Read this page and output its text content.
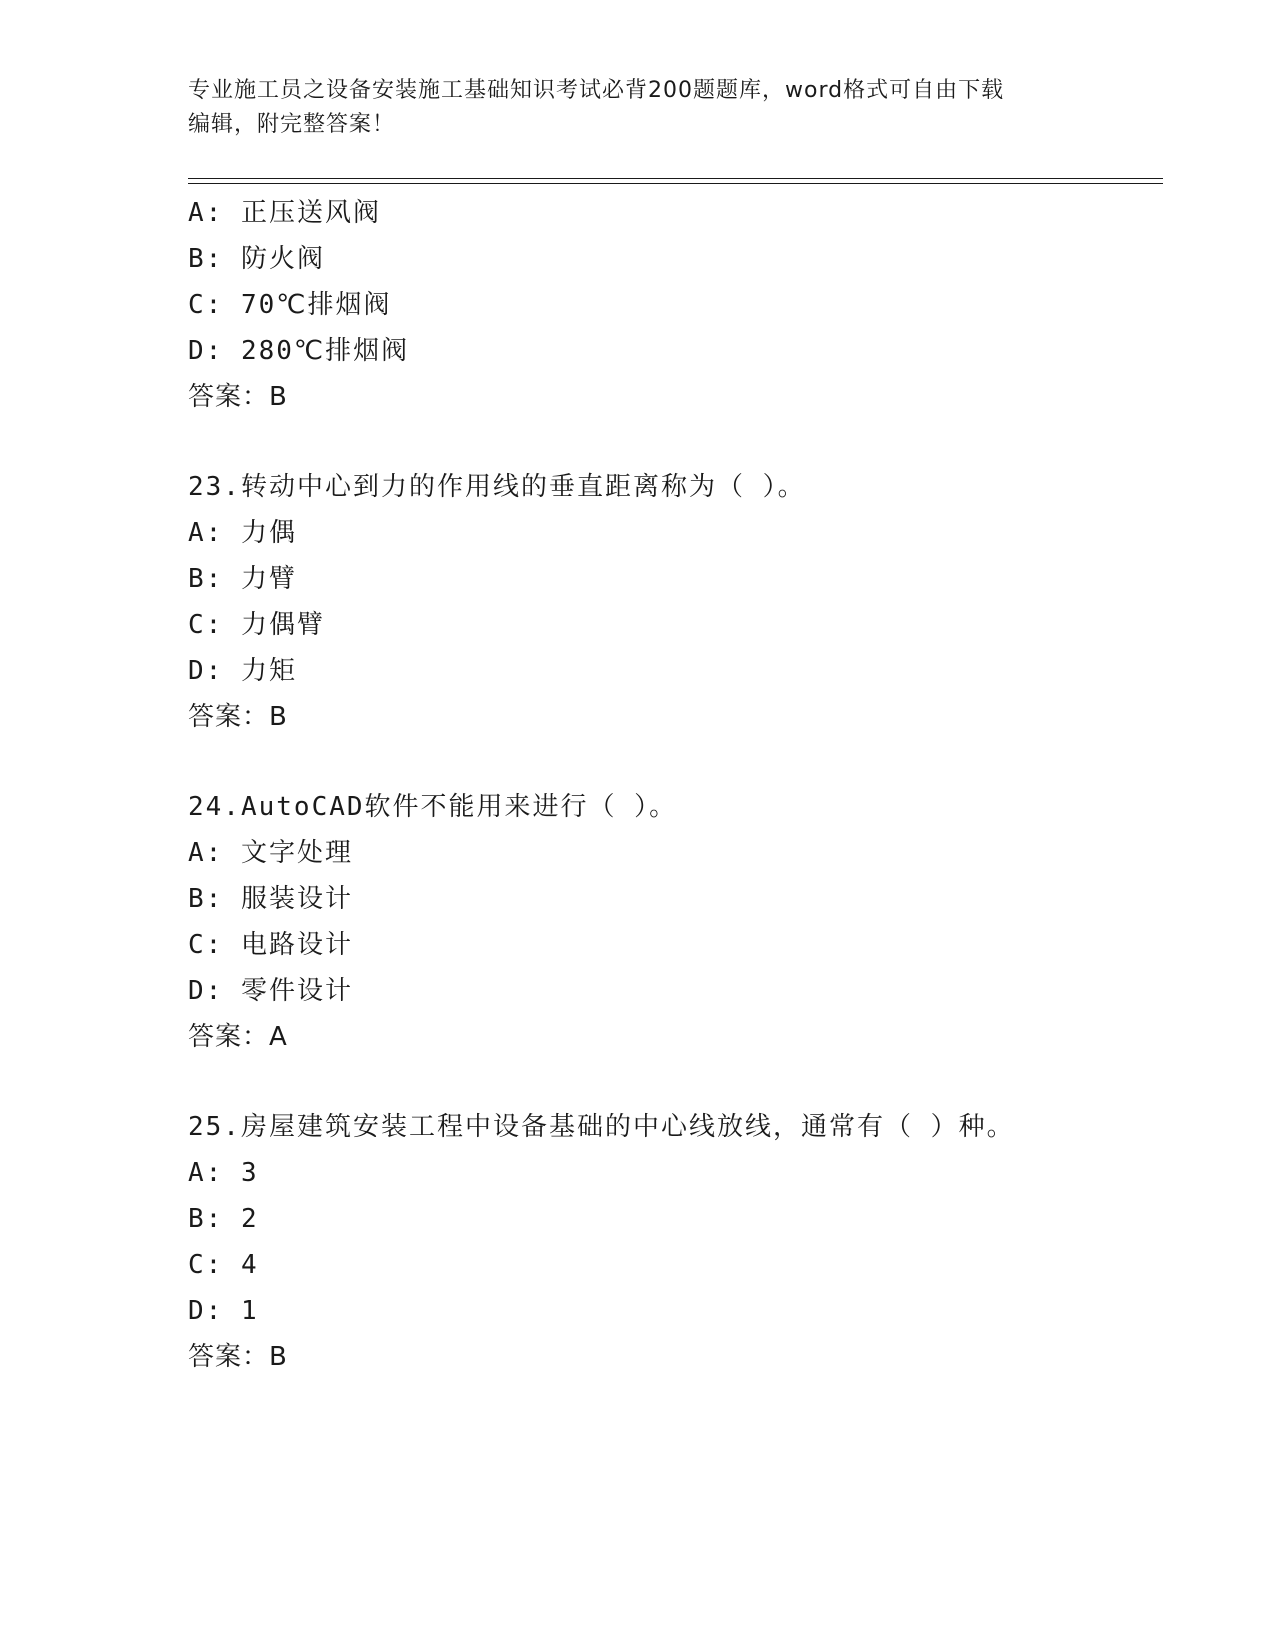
专业施工员之设备安装施工基础知识考试必背200题题库，word格式可自由下载
编辑，附完整答案！
A: 正压送风阀
B: 防火阀
C: 70℃排烟阀
D: 280℃排烟阀
答案：B
23.转动中心到力的作用线的垂直距离称为（ ）。
A: 力偶
B: 力臂
C: 力偶臂
D: 力矩
答案：B
24.AutoCAD软件不能用来进行（ ）。
A: 文字处理
B: 服装设计
C: 电路设计
D: 零件设计
答案：A
25.房屋建筑安装工程中设备基础的中心线放线，通常有（ ）种。
A: 3
B: 2
C: 4
D: 1
答案：B
